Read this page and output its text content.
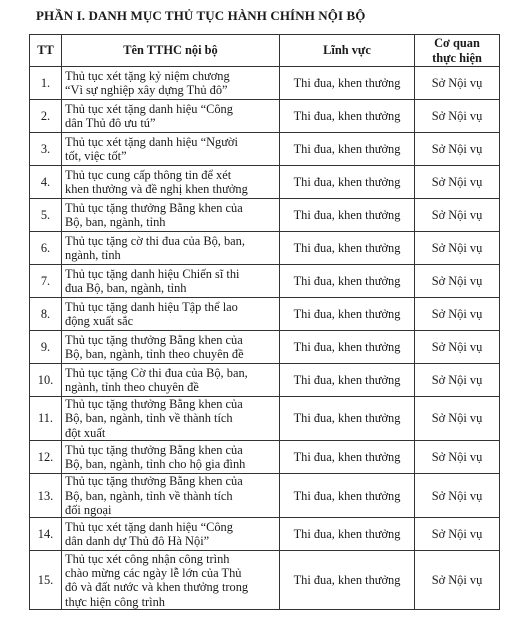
PHẦN I. DANH MỤC THỦ TỤC HÀNH CHÍNH NỘI BỘ
TT	Tên TTHC nội bộ	Lĩnh vực	Cơ quan
thực hiện

1.	Thủ tục xét tặng kỷ niệm chương
“Vì sự nghiệp xây dựng Thủ đô”	Thi đua, khen thưởng	Sở Nội vụ
2.	Thủ tục xét tặng danh hiệu “Công
dân Thủ đô ưu tú”	Thi đua, khen thưởng	Sở Nội vụ
3.	Thủ tục xét tặng danh hiệu “Người
tốt, việc tốt”	Thi đua, khen thưởng	Sở Nội vụ
4.	Thủ tục cung cấp thông tin để xét
khen thưởng và đề nghị khen thưởng	Thi đua, khen thưởng	Sở Nội vụ
5.	Thủ tục tặng thưởng Bằng khen của
Bộ, ban, ngành, tỉnh	Thi đua, khen thưởng	Sở Nội vụ
6.	Thủ tục tặng cờ thi đua của Bộ, ban,
ngành, tỉnh	Thi đua, khen thưởng	Sở Nội vụ
7.	Thủ tục tặng danh hiệu Chiến sĩ thi
đua Bộ, ban, ngành, tỉnh	Thi đua, khen thưởng	Sở Nội vụ
8.	Thủ tục tặng danh hiệu Tập thể lao
động xuất sắc	Thi đua, khen thưởng	Sở Nội vụ
9.	Thủ tục tặng thưởng Bằng khen của
Bộ, ban, ngành, tỉnh theo chuyên đề	Thi đua, khen thưởng	Sở Nội vụ
10.	Thủ tục tặng Cờ thi đua của Bộ, ban,
ngành, tỉnh theo chuyên đề	Thi đua, khen thưởng	Sở Nội vụ
11.	Thủ tục tặng thưởng Bằng khen của
Bộ, ban, ngành, tỉnh về thành tích
đột xuất	Thi đua, khen thưởng	Sở Nội vụ
12.	Thủ tục tặng thưởng Bằng khen của
Bộ, ban, ngành, tỉnh cho hộ gia đình	Thi đua, khen thưởng	Sở Nội vụ
13.	Thủ tục tặng thưởng Bằng khen của
Bộ, ban, ngành, tỉnh về thành tích
đối ngoại	Thi đua, khen thưởng	Sở Nội vụ
14.	Thủ tục xét tặng danh hiệu “Công
dân danh dự Thủ đô Hà Nội”	Thi đua, khen thưởng	Sở Nội vụ
15.	Thủ tục xét công nhận công trình
chào mừng các ngày lễ lớn của Thủ
đô và đất nước và khen thưởng trong
thực hiện công trình	Thi đua, khen thưởng	Sở Nội vụ
